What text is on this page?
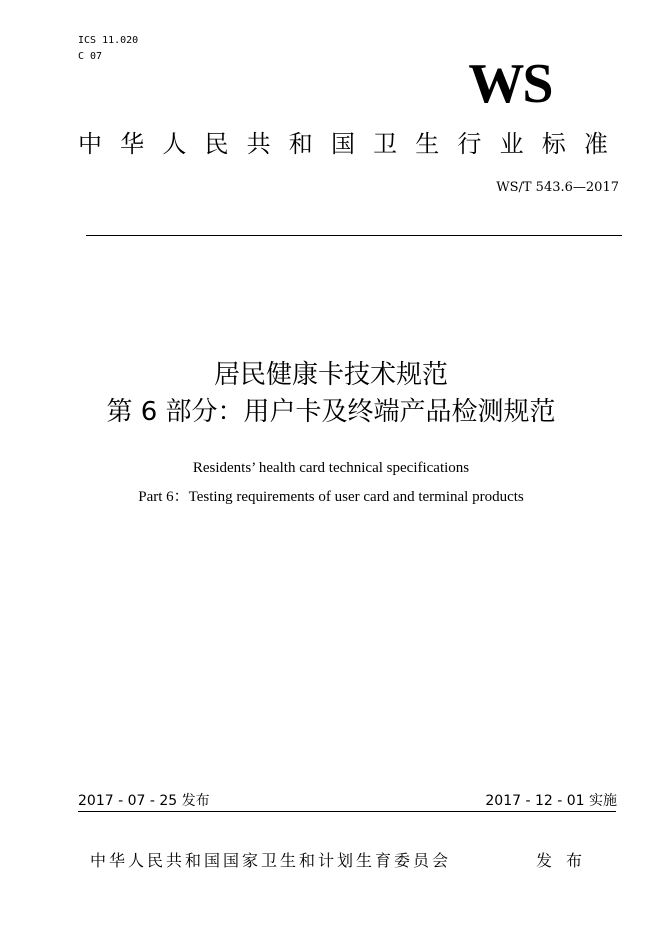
ICS 11.020
C 07	WS
中 华 人 民 共 和 国 卫 生 行 业 标 准
WS/T 543.6—2017
居民健康卡技术规范
第 6 部分：用户卡及终端产品检测规范
Residents’ health card technical specifications
Part 6：Testing requirements of user card and terminal products
2017 - 07 - 25 发布	2017 - 12 - 01 实施
中华人民共和国国家卫生和计划生育委员会	发布
